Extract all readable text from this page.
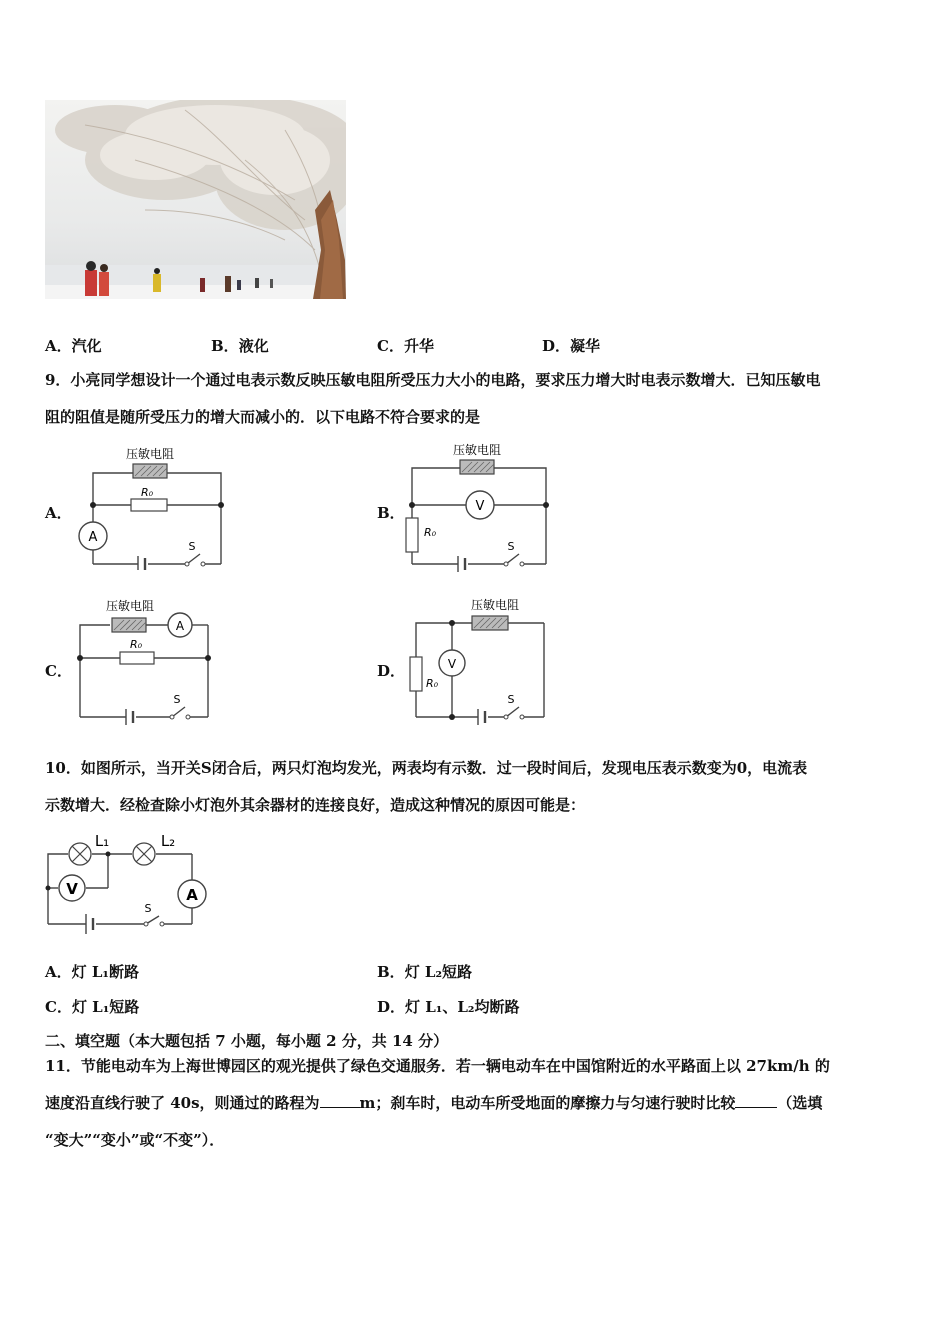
A．汽化	B．液化	C．升华	D．凝华
9．小亮同学想设计一个通过电表示数反映压敏电阻所受压力大小的电路，要求压力增大时电表示数增大．已知压敏电
阻的阻值是随所受压力的增大而减小的．以下电路不符合要求的是
A．
A
压敏电阻
R₀
S
B．	V
压敏电阻
R₀
S
C．
A
压敏电阻
R₀
S
D．	V
压敏电阻
R₀
S
10．如图所示，当开关S闭合后，两只灯泡均发光，两表均有示数．过一段时间后，发现电压表示数变为0，电流表
示数增大．经检查除小灯泡外其余器材的连接良好，造成这种情况的原因可能是：
V	A
L₁	L₂
S
A．灯 L₁断路	B．灯 L₂短路
C．灯 L₁短路	D．灯 L₁、L₂均断路
二、填空题（本大题包括 7 小题，每小题 2 分，共 14 分）
11．节能电动车为上海世博园区的观光提供了绿色交通服务．若一辆电动车在中国馆附近的水平路面上以 27km/h 的
速度沿直线行驶了 40s，则通过的路程为	m；刹车时，电动车所受地面的摩擦力与匀速行驶时比较	（选填
“变大”“变小”或“不变”）．
